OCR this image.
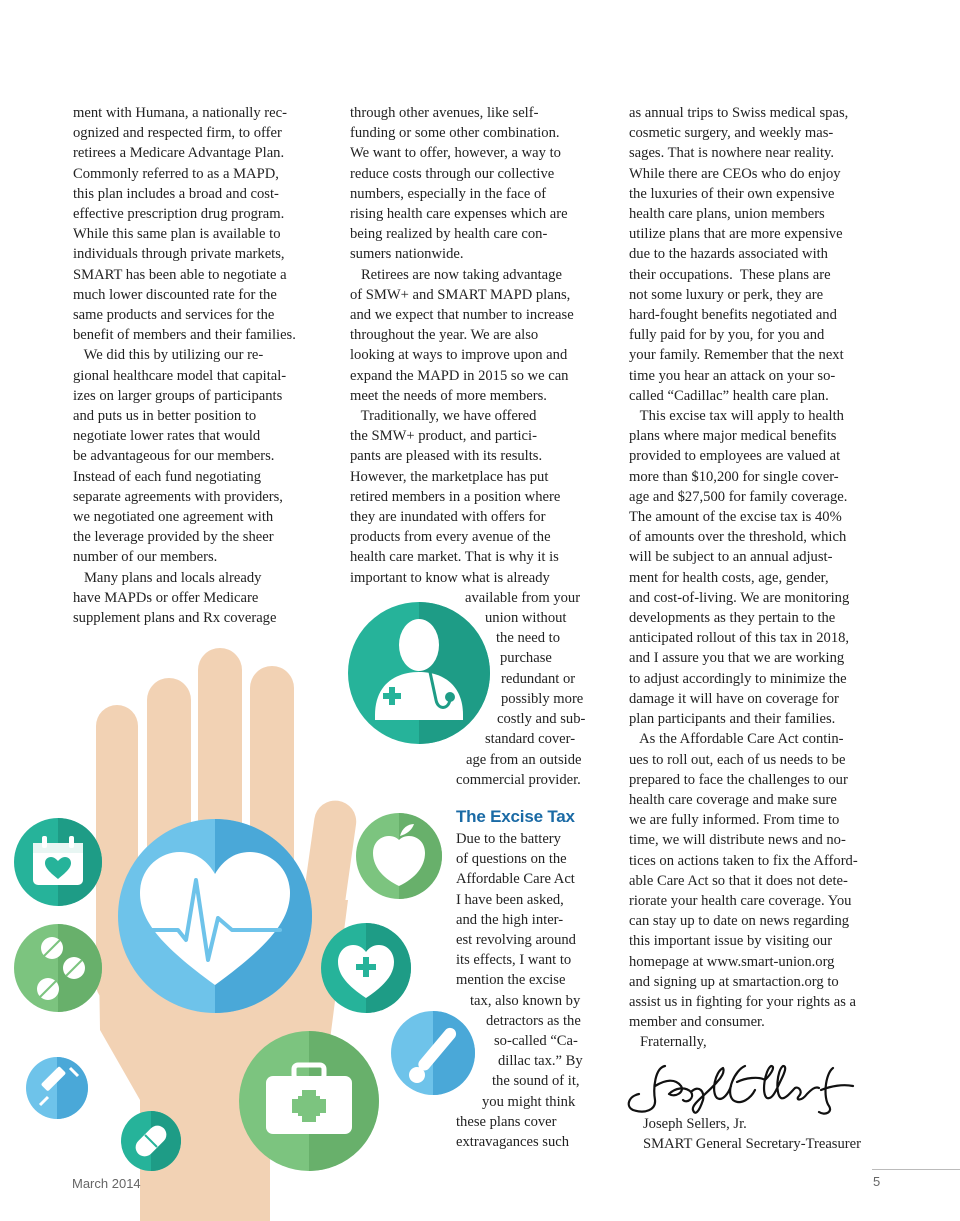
ment with Humana, a nationally rec-
ognized and respected firm, to offer
retirees a Medicare Advantage Plan.
Commonly referred to as a MAPD,
this plan includes a broad and cost-
effective prescription drug program.
While this same plan is available to
individuals through private markets,
SMART has been able to negotiate a
much lower discounted rate for the
same products and services for the
benefit of members and their families.
We did this by utilizing our re-
gional healthcare model that capital-
izes on larger groups of participants
and puts us in better position to
negotiate lower rates that would
be advantageous for our members.
Instead of each fund negotiating
separate agreements with providers,
we negotiated one agreement with
the leverage provided by the sheer
number of our members.
Many plans and locals already
have MAPDs or offer Medicare
supplement plans and Rx coverage
through other avenues, like self-
funding or some other combination.
We want to offer, however, a way to
reduce costs through our collective
numbers, especially in the face of
rising health care expenses which are
being realized by health care con-
sumers nationwide.
Retirees are now taking advantage
of SMW+ and SMART MAPD plans,
and we expect that number to increase
throughout the year. We are also
looking at ways to improve upon and
expand the MAPD in 2015 so we can
meet the needs of more members.
Traditionally, we have offered
the SMW+ product, and partici-
pants are pleased with its results.
However, the marketplace has put
retired members in a position where
they are inundated with offers for
products from every avenue of the
health care market. That is why it is
important to know what is already
available from your
union without
the need to
purchase
redundant or
possibly more
costly and sub-
standard cover-
age from an outside
commercial provider.
The Excise Tax
Due to the battery
of questions on the
Affordable Care Act
I have been asked,
and the high inter-
est revolving around
its effects, I want to
mention the excise
tax, also known by
detractors as the
so-called “Ca-
dillac tax.” By
the sound of it,
you might think
these plans cover
extravagances such
as annual trips to Swiss medical spas,
cosmetic surgery, and weekly mas-
sages. That is nowhere near reality.
While there are CEOs who do enjoy
the luxuries of their own expensive
health care plans, union members
utilize plans that are more expensive
due to the hazards associated with
their occupations.  These plans are
not some luxury or perk, they are
hard-fought benefits negotiated and
fully paid for by you, for you and
your family. Remember that the next
time you hear an attack on your so-
called “Cadillac” health care plan.
This excise tax will apply to health
plans where major medical benefits
provided to employees are valued at
more than $10,200 for single cover-
age and $27,500 for family coverage.
The amount of the excise tax is 40%
of amounts over the threshold, which
will be subject to an annual adjust-
ment for health costs, age, gender,
and cost-of-living. We are monitoring
developments as they pertain to the
anticipated rollout of this tax in 2018,
and I assure you that we are working
to adjust accordingly to minimize the
damage it will have on coverage for
plan participants and their families.
As the Affordable Care Act contin-
ues to roll out, each of us needs to be
prepared to face the challenges to our
health care coverage and make sure
we are fully informed. From time to
time, we will distribute news and no-
tices on actions taken to fix the Afford-
able Care Act so that it does not dete-
riorate your health care coverage. You
can stay up to date on news regarding
this important issue by visiting our
homepage at www.smart-union.org
and signing up at smartaction.org to
assist us in fighting for your rights as a
member and consumer.
Fraternally,
Joseph Sellers, Jr.
SMART General Secretary-Treasurer
March 2014	5
